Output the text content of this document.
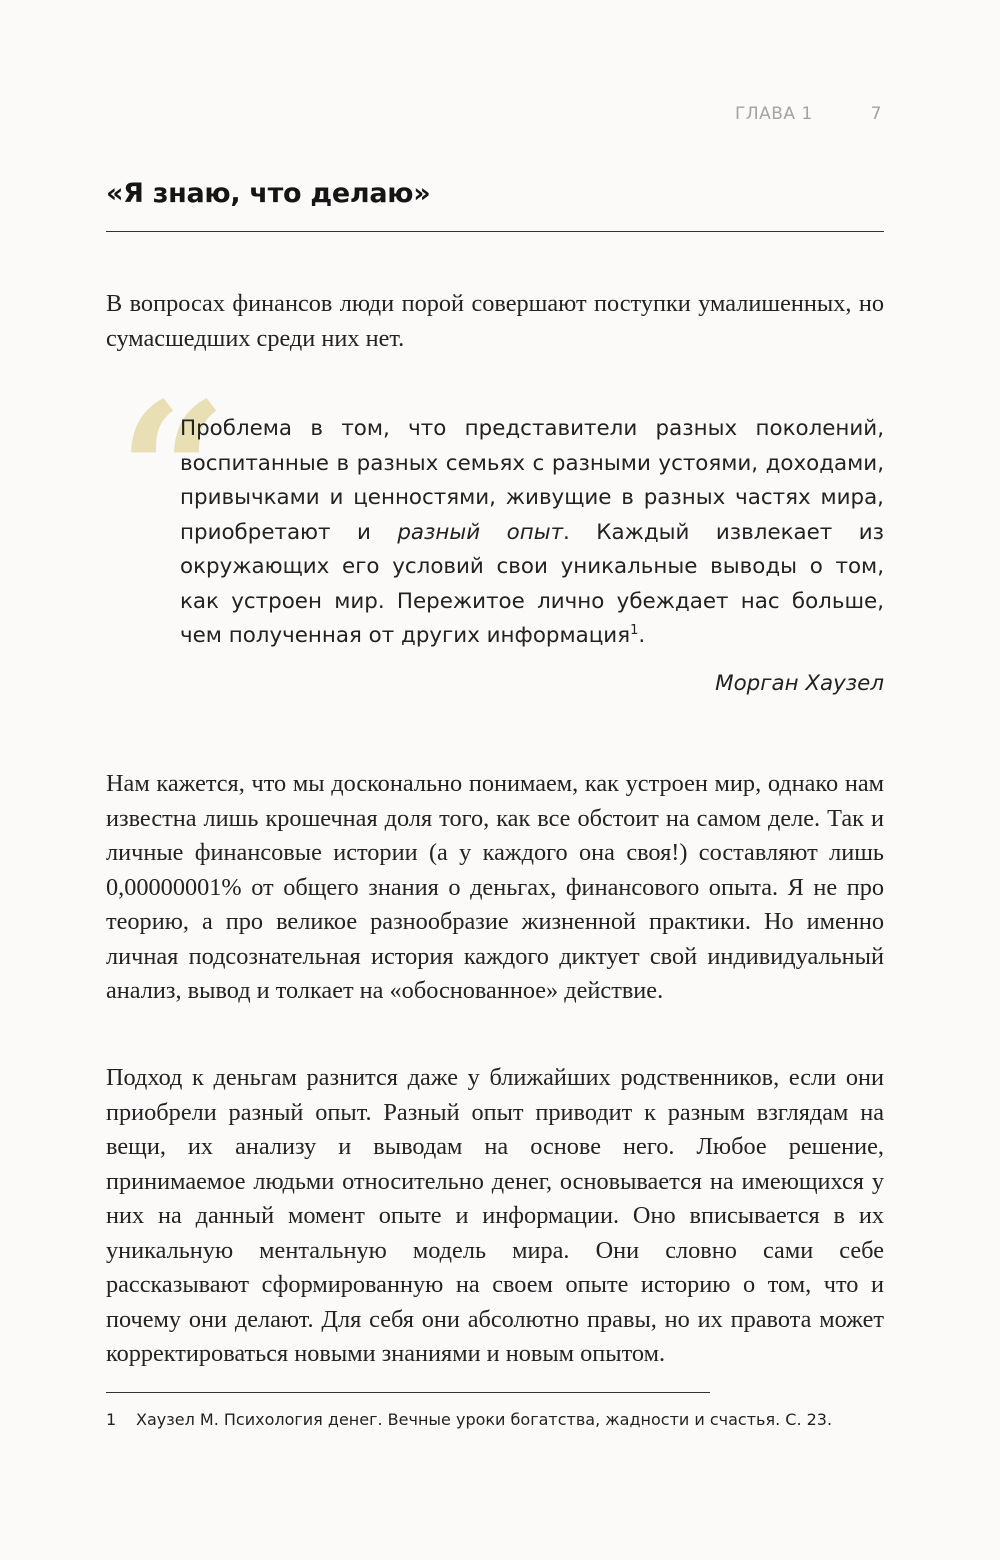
ГЛАВА 1	7
«Я знаю, что делаю»

В вопросах финансов люди порой совершают поступки умалишенных, но сумасшедших среди них нет.

“

Проблема в том, что представители разных поколений, воспитанные в разных семьях с разными устоями, доходами, привычками и ценностями, живущие в разных частях мира, приобретают и разный опыт. Каждый извлекает из окружающих его условий свои уникальные выводы о том, как устроен мир. Пережитое лично убеждает нас больше, чем полученная от других информация$^1$.

Морган Хаузел

Нам кажется, что мы досконально понимаем, как устроен мир, однако нам известна лишь крошечная доля того, как все обстоит на самом деле. Так и личные финансовые истории (а у каждого она своя!) составляют лишь 0,00000001% от общего знания о деньгах, финансового опыта. Я не про теорию, а про великое разнообразие жизненной практики. Но именно личная подсознательная история каждого диктует свой индивидуальный анализ, вывод и толкает на «обоснованное» действие.

Подход к деньгам разнится даже у ближайших родственников, если они приобрели разный опыт. Разный опыт приводит к разным взглядам на вещи, их анализу и выводам на основе него. Любое решение, принимаемое людьми относительно денег, основывается на имеющихся у них на данный момент опыте и информации. Оно вписывается в их уникальную ментальную модель мира. Они словно сами себе рассказывают сформированную на своем опыте историю о том, что и почему они делают. Для себя они абсолютно правы, но их правота может корректироваться новыми знаниями и новым опытом.

1 Хаузел М. Психология денег. Вечные уроки богатства, жадности и счастья. С. 23.
